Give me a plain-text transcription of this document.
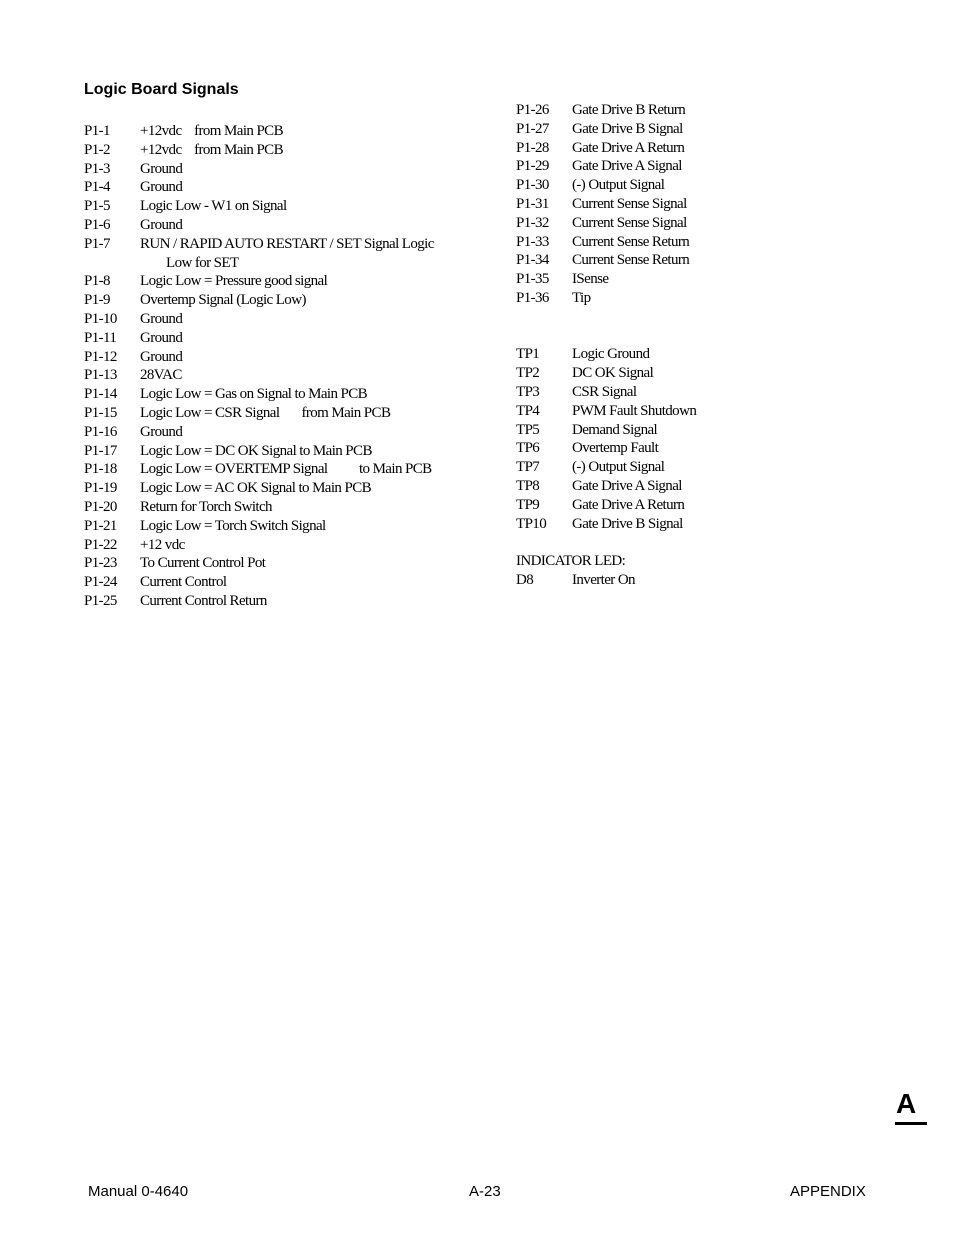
Logic Board Signals
P1-1	+12vdc    from Main PCB
P1-2	+12vdc    from Main PCB
P1-3	Ground
P1-4	Ground
P1-5	Logic Low - W1 on Signal
P1-6	Ground
P1-7	RUN / RAPID AUTO RESTART / SET Signal Logic
Low for SET
P1-8	Logic Low = Pressure good signal
P1-9	Overtemp Signal (Logic Low)
P1-10	Ground
P1-11	Ground
P1-12	Ground
P1-13	28VAC
P1-14	Logic Low = Gas on Signal to Main PCB
P1-15	Logic Low = CSR Signal       from Main PCB
P1-16	Ground
P1-17	Logic Low = DC OK Signal to Main PCB
P1-18	Logic Low = OVERTEMP Signal          to Main PCB
P1-19	Logic Low = AC OK Signal to Main PCB
P1-20	Return for Torch Switch
P1-21	Logic Low = Torch Switch Signal
P1-22	+12 vdc
P1-23	To Current Control Pot
P1-24	Current Control
P1-25	Current Control Return
P1-26	Gate Drive B Return
P1-27	Gate Drive B Signal
P1-28	Gate Drive A Return
P1-29	Gate Drive A Signal
P1-30	(-) Output Signal
P1-31	Current Sense Signal
P1-32	Current Sense Signal
P1-33	Current Sense Return
P1-34	Current Sense Return
P1-35	ISense
P1-36	Tip
TP1	Logic Ground
TP2	DC OK Signal
TP3	CSR Signal
TP4	PWM Fault Shutdown
TP5	Demand Signal
TP6	Overtemp Fault
TP7	(-) Output Signal
TP8	Gate Drive A Signal
TP9	Gate Drive A Return
TP10	Gate Drive B Signal
INDICATOR LED:
D8	Inverter On
A
Manual 0-4640	A-23	APPENDIX
